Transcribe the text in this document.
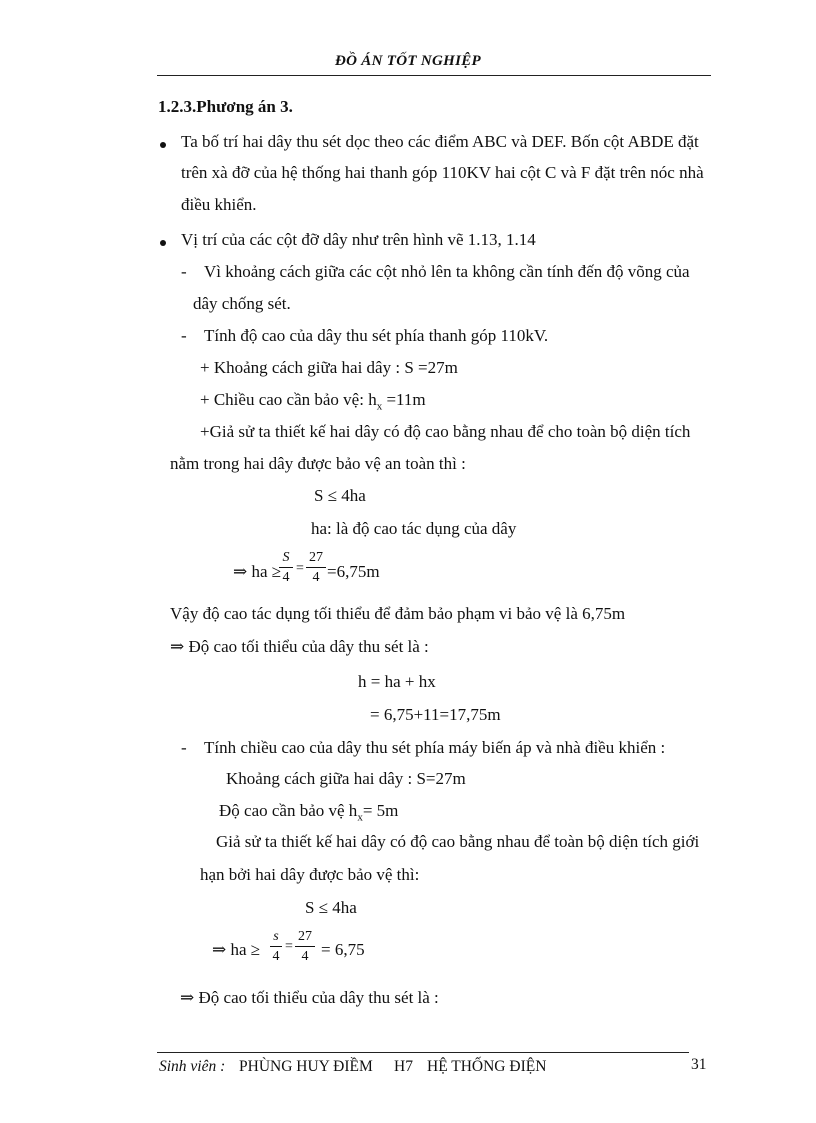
ĐỒ ÁN TỐT NGHIỆP
1.2.3.Phương án 3.
Ta bố trí hai dây thu sét dọc theo các điểm ABC và DEF. Bốn cột ABDE đặt
trên xà đỡ của hệ thống hai thanh góp 110KV hai cột C và F đặt trên nóc nhà
điều khiển.
Vị trí của các cột đỡ dây như trên hình vẽ 1.13, 1.14
- Vì khoảng cách giữa các cột nhỏ lên ta không cần tính đến độ võng của
dây chống sét.
- Tính độ cao của dây thu sét phía thanh góp 110kV.
+ Khoảng cách giữa hai dây : S =27m
+ Chiều cao cần bảo vệ: $h_x =11m$
+Giả sử ta thiết kế hai dây có độ cao bằng nhau để cho toàn bộ diện tích
nằm trong hai dây được bảo vệ an toàn thì :
S ≤ 4ha
ha: là độ cao tác dụng của dây
⇒ ha ≥
$\frac{S}{4} = \frac{27}{4} =6,75m$
Vậy độ cao tác dụng tối thiểu để đảm bảo phạm vi bảo vệ là 6,75m
⇒ Độ cao tối thiểu của dây thu sét là :
h = ha + hx
= 6,75+11=17,75m
- Tính chiều cao của dây thu sét phía máy biến áp và nhà điều khiển :
Khoảng cách giữa hai dây : S=27m
Độ cao cần bảo vệ $h_x= 5m$
Giả sử ta thiết kế hai dây có độ cao bằng nhau để toàn bộ diện tích giới
hạn bởi hai dây được bảo vệ thì:
S ≤ 4ha
⇒ ha ≥ $\frac{s}{4} = \frac{27}{4} = 6,75$
⇒ Độ cao tối thiểu của dây thu sét là :
Sinh viên : PHÙNG HUY ĐIỀM H7 HỆ THỐNG ĐIỆN	31
